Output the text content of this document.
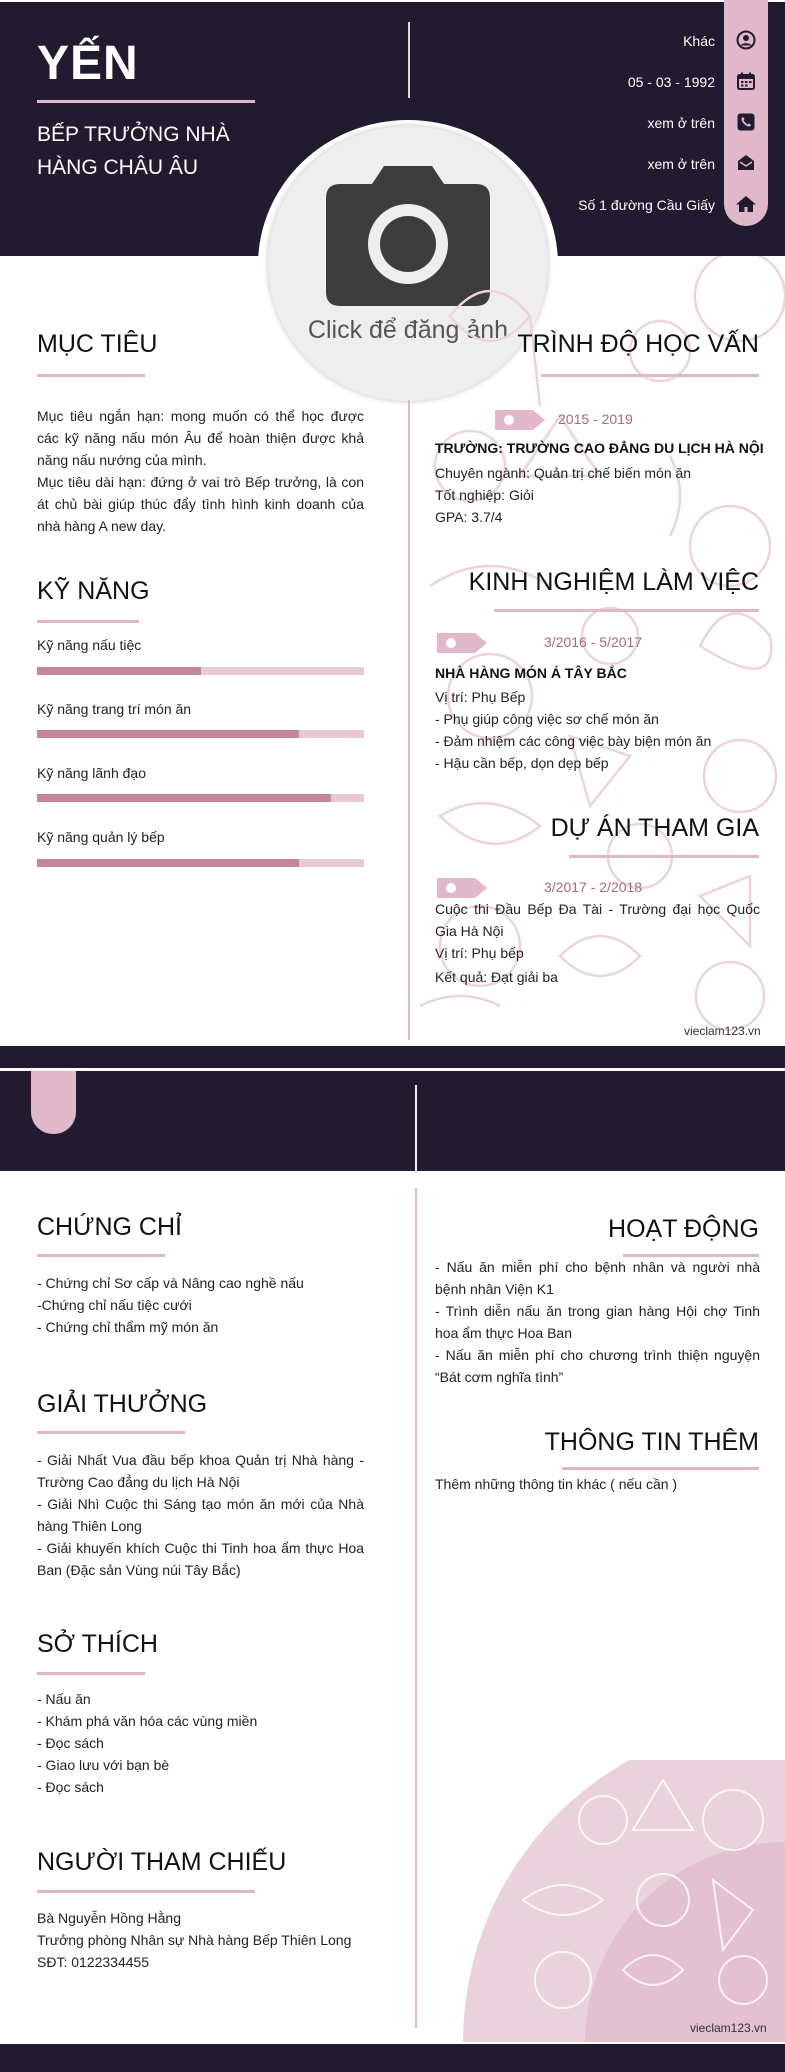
YẾN
BẾP TRƯỞNG NHÀ
HÀNG CHÂU ÂU
Khác
05 - 03 - 1992
xem ở trên
xem ở trên
Số 1 đường Cầu Giấy
Click để đăng ảnh
MỤC TIÊU
Mục tiêu ngắn hạn: mong muốn có thể học được các kỹ năng nấu món Âu để hoàn thiện được khả năng nấu nướng của mình.
Mục tiêu dài hạn: đứng ở vai trò Bếp trưởng, là con át chủ bài giúp thúc đẩy tình hình kinh doanh của nhà hàng A new day.
KỸ NĂNG
Kỹ năng nấu tiệc
Kỹ năng trang trí món ăn
Kỹ năng lãnh đạo
Kỹ năng quản lý bếp
TRÌNH ĐỘ HỌC VẤN
2015 - 2019
TRƯỜNG: TRƯỜNG CAO ĐẲNG DU LỊCH HÀ NỘI
Chuyên ngành: Quản trị chế biến món ăn
Tốt nghiệp: Giỏi
GPA: 3.7/4
KINH NGHIỆM LÀM VIỆC
3/2016 - 5/2017
NHÀ HÀNG MÓN Á TÂY BẮC
Vị trí: Phụ Bếp
- Phụ giúp công việc sơ chế món ăn
- Đảm nhiệm các công việc bày biện món ăn
- Hậu cần bếp, dọn dẹp bếp
DỰ ÁN THAM GIA
3/2017 - 2/2018
Cuộc thi Đầu Bếp Đa Tài - Trường đại học Quốc Gia Hà Nội
Vị trí: Phụ bếp
Kết quả: Đạt giải ba
vieclam123.vn
CHỨNG CHỈ
- Chứng chỉ Sơ cấp và Nâng cao nghề nấu
-Chứng chỉ nấu tiệc cưới
- Chứng chỉ thẩm mỹ món ăn
GIẢI THƯỞNG
- Giải Nhất Vua đầu bếp khoa Quản trị Nhà hàng - Trường Cao đẳng du lịch Hà Nội
- Giải Nhì Cuộc thi Sáng tạo món ăn mới của Nhà hàng Thiên Long
- Giải khuyến khích Cuộc thi Tinh hoa ẩm thực Hoa Ban (Đặc sản Vùng núi Tây Bắc)
SỞ THÍCH
- Nấu ăn
- Khám phá văn hóa các vùng miền
- Đọc sách
- Giao lưu với bạn bè
- Đọc sách
NGƯỜI THAM CHIẾU
Bà Nguyễn Hồng Hằng
Trưởng phòng Nhân sự Nhà hàng Bếp Thiên Long
SĐT: 0122334455
HOẠT ĐỘNG
- Nấu ăn miễn phí cho bệnh nhân và người nhà bệnh nhân Viện K1
- Trình diễn nấu ăn trong gian hàng Hội chợ Tinh hoa ẩm thực Hoa Ban
- Nấu ăn miễn phí cho chương trình thiện nguyện “Bát cơm nghĩa tình”
THÔNG TIN THÊM
Thêm những thông tin khác ( nếu cần )
vieclam123.vn
